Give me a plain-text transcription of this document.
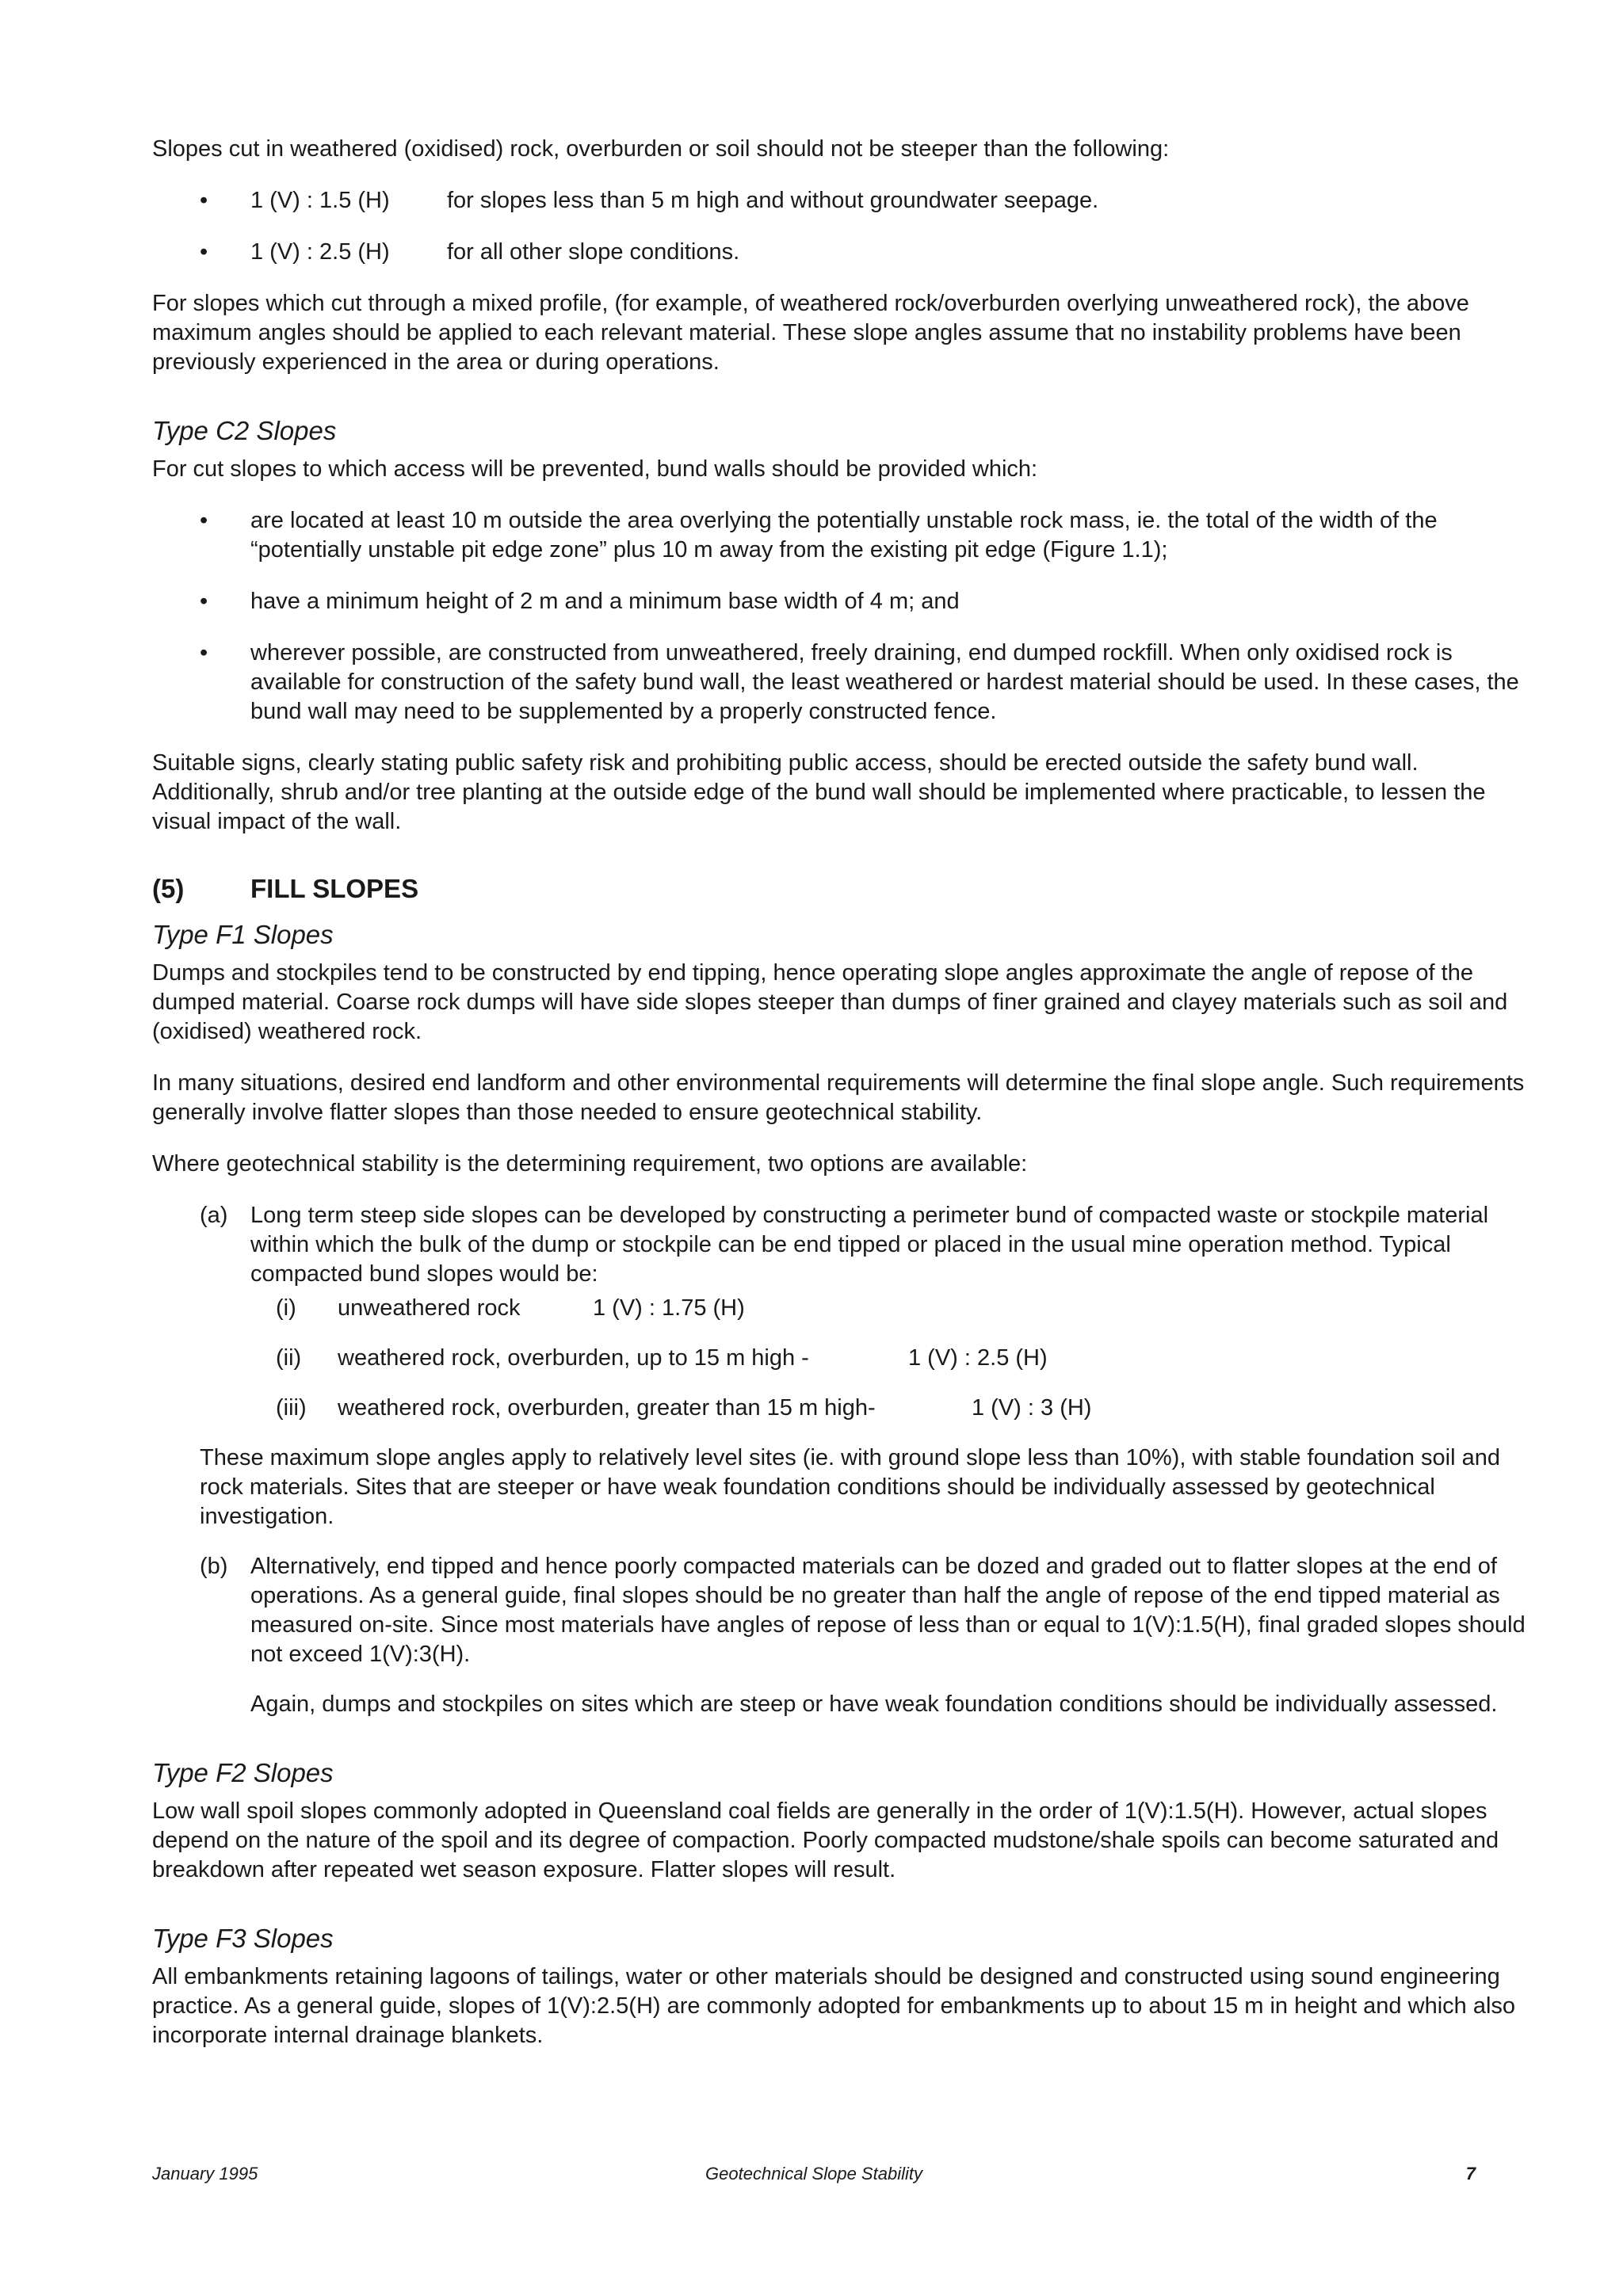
Slopes cut in weathered (oxidised) rock, overburden or soil should not be steeper than the following:

•	1 (V) : 1.5 (H)	for slopes less than 5 m high and without groundwater seepage.
•	1 (V) : 2.5 (H)	for all other slope conditions.

For slopes which cut through a mixed profile, (for example, of weathered rock/overburden overlying unweathered rock), the above maximum angles should be applied to each relevant material. These slope angles assume that no instability problems have been previously experienced in the area or during operations.

Type C2 Slopes

For cut slopes to which access will be prevented, bund walls should be provided which:

•	are located at least 10 m outside the area overlying the potentially unstable rock mass, ie. the total of the width of the “potentially unstable pit edge zone” plus 10 m away from the existing pit edge (Figure 1.1);
•	have a minimum height of 2 m and a minimum base width of 4 m; and
•	wherever possible, are constructed from unweathered, freely draining, end dumped rockfill. When only oxidised rock is available for construction of the safety bund wall, the least weathered or hardest material should be used. In these cases, the bund wall may need to be supplemented by a properly constructed fence.

Suitable signs, clearly stating public safety risk and prohibiting public access, should be erected outside the safety bund wall. Additionally, shrub and/or tree planting at the outside edge of the bund wall should be implemented where practicable, to lessen the visual impact of the wall.

(5)	FILL SLOPES
Type F1 Slopes

Dumps and stockpiles tend to be constructed by end tipping, hence operating slope angles approximate the angle of repose of the dumped material. Coarse rock dumps will have side slopes steeper than dumps of finer grained and clayey materials such as soil and (oxidised) weathered rock.

In many situations, desired end landform and other environmental requirements will determine the final slope angle. Such requirements generally involve flatter slopes than those needed to ensure geotechnical stability.

Where geotechnical stability is the determining requirement, two options are available:

(a) Long term steep side slopes can be developed by constructing a perimeter bund of compacted waste or stockpile material within which the bulk of the dump or stockpile can be end tipped or placed in the usual mine operation method. Typical compacted bund slopes would be:
(i)	unweathered rock	1 (V) : 1.75 (H)
(ii)	weathered rock, overburden, up to 15 m high -	1 (V) : 2.5 (H)
(iii)	weathered rock, overburden, greater than 15 m high-	1 (V) : 3 (H)

These maximum slope angles apply to relatively level sites (ie. with ground slope less than 10%), with stable foundation soil and rock materials. Sites that are steeper or have weak foundation conditions should be individually assessed by geotechnical investigation.

(b) Alternatively, end tipped and hence poorly compacted materials can be dozed and graded out to flatter slopes at the end of operations. As a general guide, final slopes should be no greater than half the angle of repose of the end tipped material as measured on-site. Since most materials have angles of repose of less than or equal to 1(V):1.5(H), final graded slopes should not exceed 1(V):3(H).
Again, dumps and stockpiles on sites which are steep or have weak foundation conditions should be individually assessed.
Type F2 Slopes

Low wall spoil slopes commonly adopted in Queensland coal fields are generally in the order of 1(V):1.5(H). However, actual slopes depend on the nature of the spoil and its degree of compaction. Poorly compacted mudstone/shale spoils can become saturated and breakdown after repeated wet season exposure. Flatter slopes will result.

Type F3 Slopes

All embankments retaining lagoons of tailings, water or other materials should be designed and constructed using sound engineering practice. As a general guide, slopes of 1(V):2.5(H) are commonly adopted for embankments up to about 15 m in height and which also incorporate internal drainage blankets.

January 1995	Geotechnical Slope Stability	7
